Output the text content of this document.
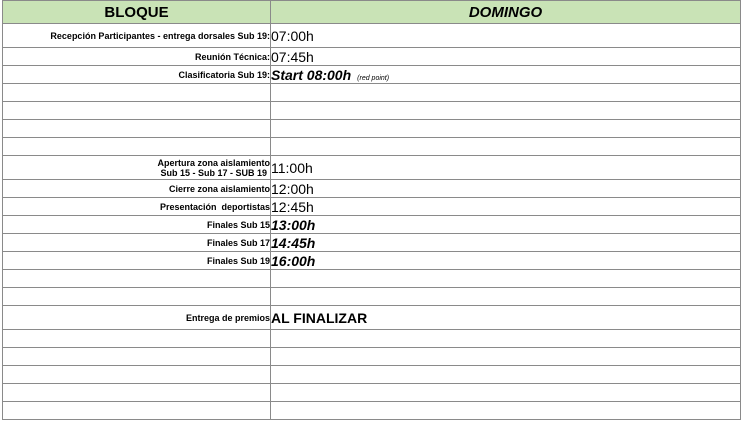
BLOQUE	DOMINGO
Recepción Participantes - entrega dorsales Sub 19:	07:00h
Reunión Técnica:	07:45h
Clasificatoria Sub 19:	Start 08:00h (red point)

Apertura zona aislamiento
Sub 15 - Sub 17 - SUB 19	11:00h
Cierre zona aislamiento	12:00h
Presentación  deportistas	12:45h
Finales Sub 15	13:00h
Finales Sub 17	14:45h
Finales Sub 19	16:00h

Entrega de premios	AL FINALIZAR
